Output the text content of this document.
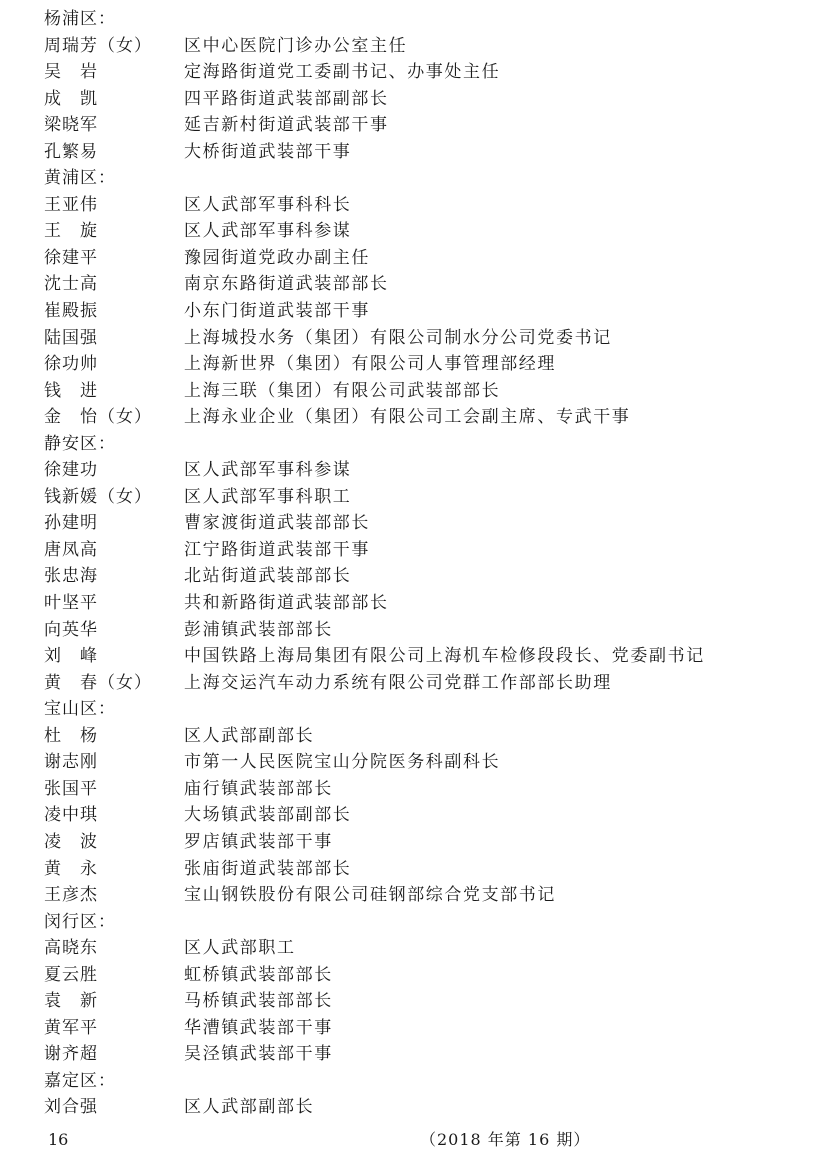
杨浦区：
周瑞芳（女）	区中心医院门诊办公室主任
吴　岩	定海路街道党工委副书记、办事处主任
成　凯	四平路街道武装部副部长
梁晓军	延吉新村街道武装部干事
孔繁易	大桥街道武装部干事
黄浦区：
王亚伟	区人武部军事科科长
王　旋	区人武部军事科参谋
徐建平	豫园街道党政办副主任
沈士高	南京东路街道武装部部长
崔殿振	小东门街道武装部干事
陆国强	上海城投水务（集团）有限公司制水分公司党委书记
徐功帅	上海新世界（集团）有限公司人事管理部经理
钱　进	上海三联（集团）有限公司武装部部长
金　怡（女）	上海永业企业（集团）有限公司工会副主席、专武干事
静安区：
徐建功	区人武部军事科参谋
钱新媛（女）	区人武部军事科职工
孙建明	曹家渡街道武装部部长
唐凤高	江宁路街道武装部干事
张忠海	北站街道武装部部长
叶坚平	共和新路街道武装部部长
向英华	彭浦镇武装部部长
刘　峰	中国铁路上海局集团有限公司上海机车检修段段长、党委副书记
黄　春（女）	上海交运汽车动力系统有限公司党群工作部部长助理
宝山区：
杜　杨	区人武部副部长
谢志刚	市第一人民医院宝山分院医务科副科长
张国平	庙行镇武装部部长
凌中琪	大场镇武装部副部长
凌　波	罗店镇武装部干事
黄　永	张庙街道武装部部长
王彦杰	宝山钢铁股份有限公司硅钢部综合党支部书记
闵行区：
高晓东	区人武部职工
夏云胜	虹桥镇武装部部长
袁　新	马桥镇武装部部长
黄军平	华漕镇武装部干事
谢齐超	吴泾镇武装部干事
嘉定区：
刘合强	区人武部副部长
16	（2018 年第 16 期）
